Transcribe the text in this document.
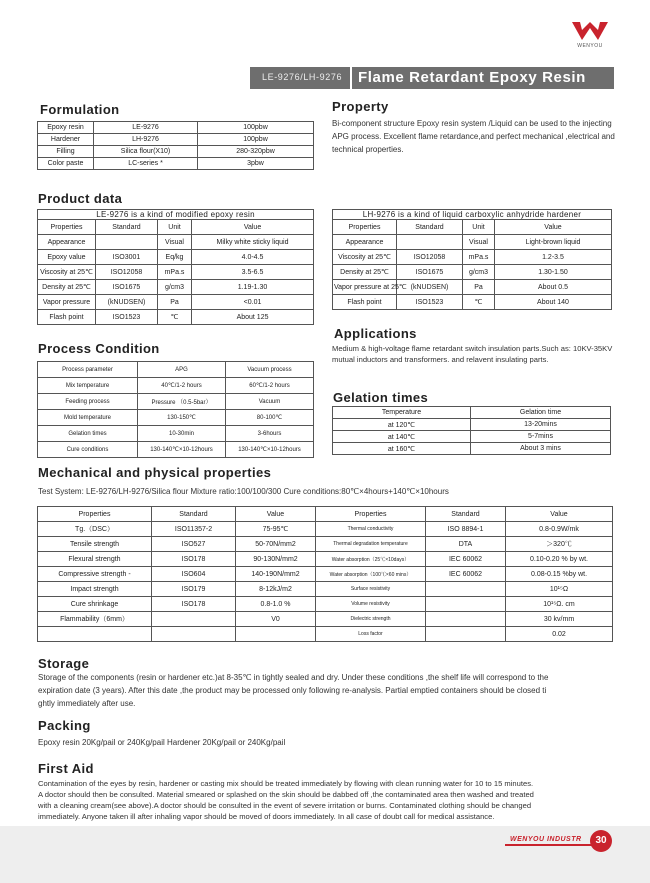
WENYOU
LE-9276/LH-9276 Flame Retardant Epoxy Resin
Formulation
Epoxy resin	LE-9276	100pbw
Hardener	LH-9276	100pbw
Filling	Silica flour(X10)	280-320pbw
Color paste	LC-series *	3pbw
Property
Bi-component structure Epoxy resin system /Liquid can be used to the injecting APG process. Excellent flame retardance,and perfect mechanical ,electrical and technical properties.
Product data
LE-9276 is a kind of modified epoxy resin			
Properties	Standard	Unit	Value
Appearance		Visual	Milky white sticky liquid
Epoxy value	ISO3001	Eq/kg	4.0-4.5
Viscosity at 25℃	ISO12058	mPa.s	3.5-6.5
Density at 25℃	ISO1675	g/cm3	1.19-1.30
Vapor pressure	(kNUDSEN)	Pa	<0.01
Flash point	ISO1523	℃	About 125
LH-9276 is a kind of liquid carboxylic anhydride hardener			
Properties	Standard	Unit	Value
Appearance		Visual	Light-brown liquid
Viscosity at 25℃	ISO12058	mPa.s	1.2-3.5
Density at 25℃	ISO1675	g/cm3	1.30-1.50
Vapor pressure at 25℃	(kNUDSEN)	Pa	About 0.5
Flash point	ISO1523	℃	About 140
Applications
Medium & high-voltage flame retardant switch insulation parts.Such as: 10KV-35KV mutual inductors and transformers. and relavent insulating parts.
Process Condition
Process parameter	APG	Vacuum process
Mix temperature	40℃/1-2 hours	60℃/1-2 hours
Feeding process	Pressure （0.5-5bar）	Vacuum
Mold temperature	130-150℃	80-100℃
Gelation times	10-30min	3-6hours
Cure conditions	130-140℃×10-12hours	130-140℃×10-12hours
Gelation times
Temperature	Gelation time
at 120℃	13-20mins
at 140℃	5-7mins
at 160℃	About 3 mins
Mechanical and physical properties
Test System: LE-9276/LH-9276/Silica flour Mixture ratio:100/100/300 Cure conditions:80℃×4hours+140℃×10hours
Properties	Standard	Value	Properties	Standard	Value
Tg.（DSC）	ISO11357-2	75-95℃	Thermal conductivity	ISO 8894-1	0.8-0.9W/mk
Tensile strength	ISO527	50-70N/mm2	Thermal degradation temperature	DTA	＞320℃
Flexural strength	ISO178	90-130N/mm2	Water absorption（25℃×10days）	IEC 60062	0.10-0.20 % by wt.
Compressive strength -	ISO604	140-190N/mm2	Water absorption（100℃×60 mins）	IEC 60062	0.08-0.15 %by wt.
Impact strength	ISO179	8-12kJ/m2	Surface resistivity		10¹⁵Ω
Cure shrinkage	ISO178	0.8-1.0 %	Volume resistivity		10¹⁵Ω. cm
Flammability（6mm）		V0	Dielectric strength		30 kv/mm
			Loss factor		0.02
Storage
Storage of the components (resin or hardener etc.)at 8-35℃ in tightly sealed and dry. Under these conditions ,the shelf life will correspond to the
expiration date (3 years). After this date ,the product may be processed only following re-analysis. Partial emptied containers should be closed ti
ghtly immediately after use.
Packing
Epoxy resin 20Kg/pail or 240Kg/pail Hardener 20Kg/pail or 240Kg/pail
First Aid
Contamination of the eyes by resin, hardener or casting mix should be treated immediately by flowing with clean running water for 10 to 15 minutes.
A doctor should then be consulted. Material smeared or splashed on the skin should be dabbed off ,the contaminated area then washed and treated
with a cleaning cream(see above).A doctor should be consulted in the event of severe irritation or burns. Contaminated clothing should be changed
immediately. Anyone taken ill after inhaling vapor should be moved of doors immediately. In all case of doubt call for medical assistance.
WENYOU INDUSTR	30
